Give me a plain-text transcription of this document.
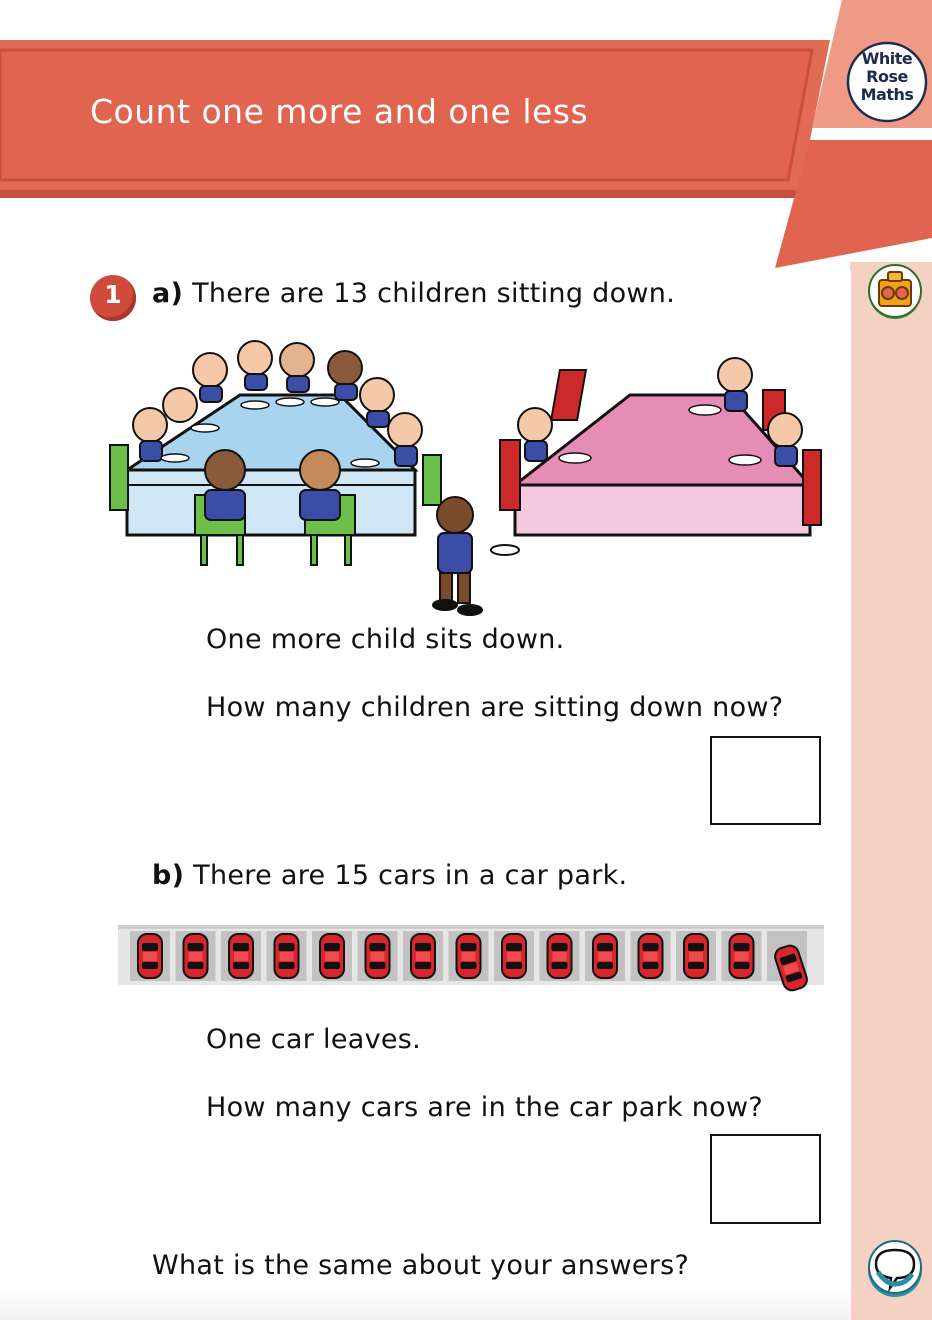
Count one more and one less
White
Rose
Maths
1	a) There are 13 children sitting down.
One more child sits down.
How many children are sitting down now?
b) There are 15 cars in a car park.
One car leaves.
How many cars are in the car park now?
What is the same about your answers?
